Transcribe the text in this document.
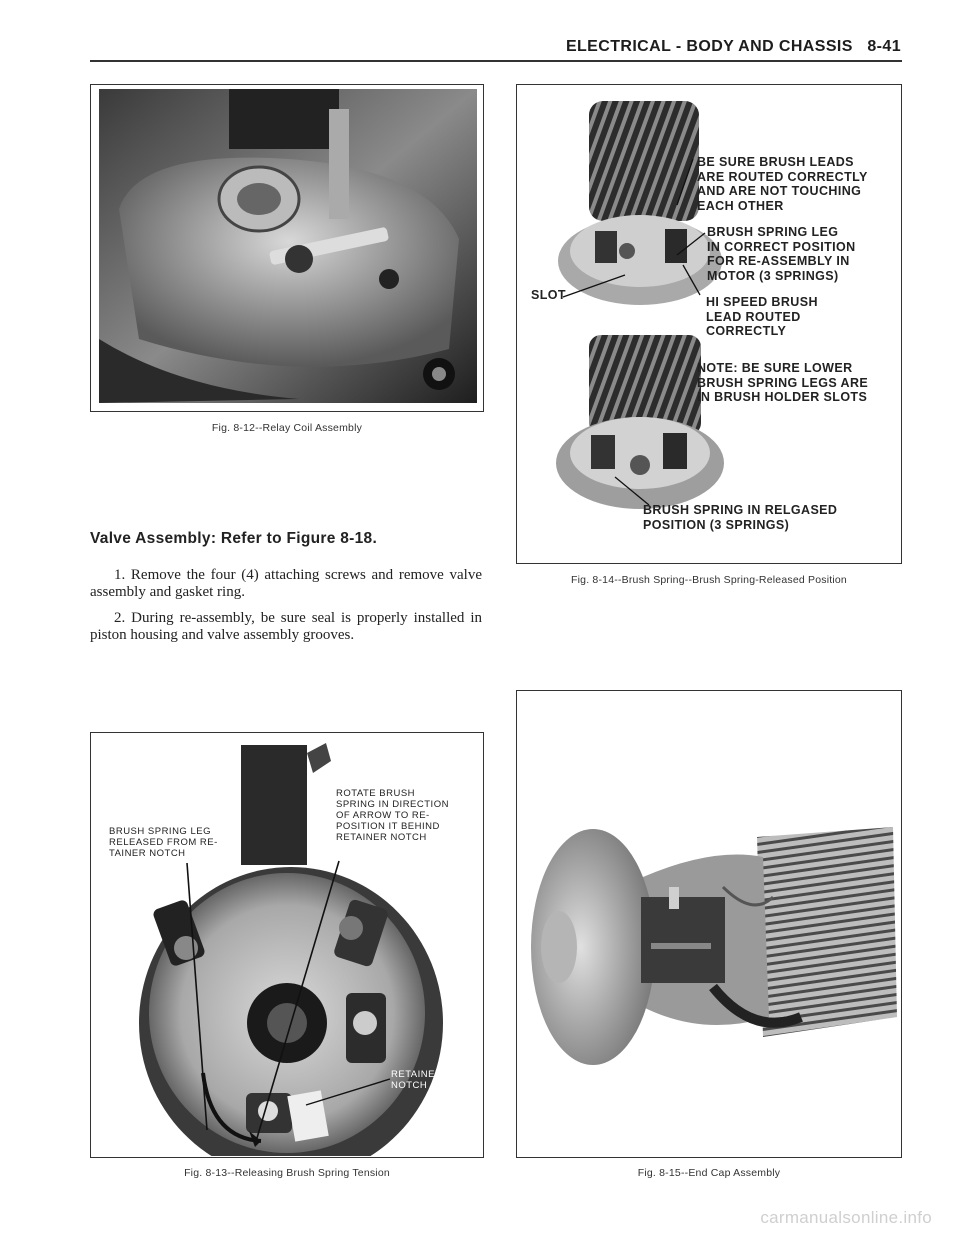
ELECTRICAL - BODY AND CHASSIS 8-41
Fig. 8-12--Relay Coil Assembly
Valve Assembly: Refer to Figure 8-18.
1. Remove the four (4) attaching screws and remove valve assembly and gasket ring.
2. During re-assembly, be sure seal is properly installed in piston housing and valve assembly grooves.
BRUSH SPRING LEG
RELEASED FROM RE-
TAINER NOTCH
ROTATE BRUSH
SPRING IN DIRECTION
OF ARROW TO RE-
POSITION IT BEHIND
RETAINER NOTCH
RETAINER
NOTCH
Fig. 8-13--Releasing Brush Spring Tension
BE SURE BRUSH LEADS
ARE ROUTED CORRECTLY
AND ARE NOT TOUCHING
EACH OTHER
BRUSH SPRING LEG
IN CORRECT POSITION
FOR RE-ASSEMBLY IN
MOTOR (3 SPRINGS)
SLOT	HI SPEED BRUSH
LEAD ROUTED
CORRECTLY
NOTE: BE SURE LOWER
BRUSH SPRING LEGS ARE
IN BRUSH HOLDER SLOTS
BRUSH SPRING IN RELGASED
POSITION (3 SPRINGS)
Fig. 8-14--Brush Spring--Brush Spring-Released Position
Fig. 8-15--End Cap Assembly
carmanualsonline.info
